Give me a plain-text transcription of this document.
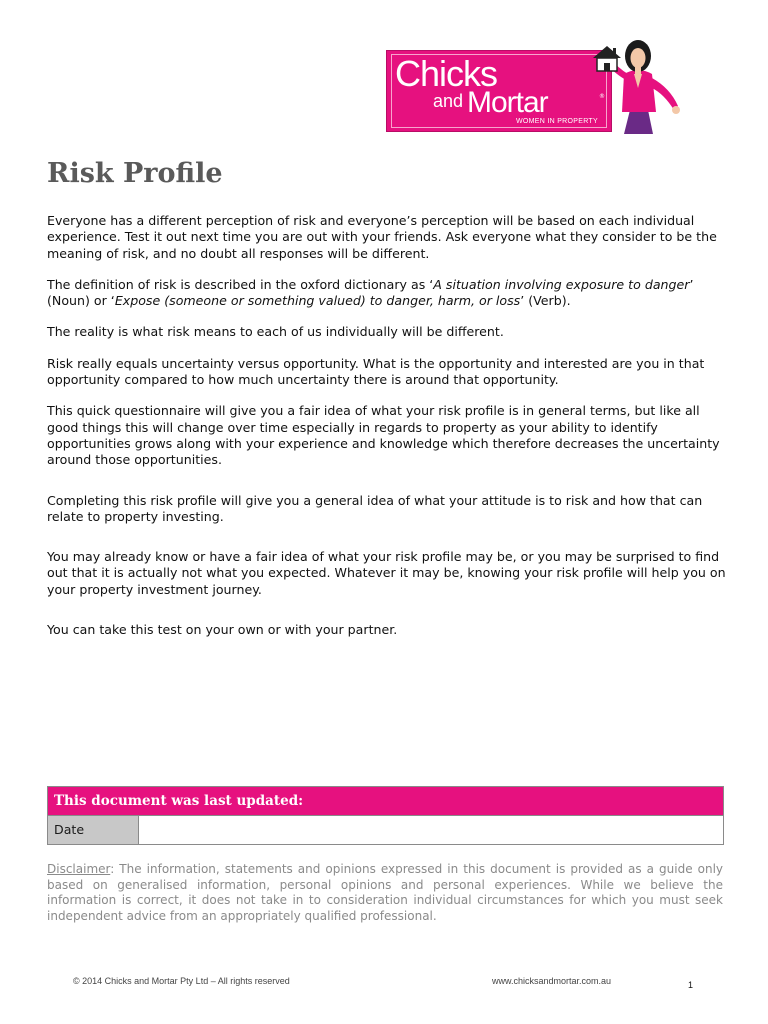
Chicks
and Mortar	®
WOMEN IN PROPERTY
Risk Profile

Everyone has a different perception of risk and everyone’s perception will be based on each individual experience. Test it out next time you are out with your friends. Ask everyone what they consider to be the meaning of risk, and no doubt all responses will be different.

The definition of risk is described in the oxford dictionary as ‘A situation involving exposure to danger’ (Noun) or ‘Expose (someone or something valued) to danger, harm, or loss’ (Verb).

The reality is what risk means to each of us individually will be different.

Risk really equals uncertainty versus opportunity. What is the opportunity and interested are you in that opportunity compared to how much uncertainty there is around that opportunity.

This quick questionnaire will give you a fair idea of what your risk profile is in general terms, but like all good things this will change over time especially in regards to property as your ability to identify opportunities grows along with your experience and knowledge which therefore decreases the uncertainty around those opportunities.

Completing this risk profile will give you a general idea of what your attitude is to risk and how that can relate to property investing.

You may already know or have a fair idea of what your risk profile may be, or you may be surprised to find out that it is actually not what you expected. Whatever it may be, knowing your risk profile will help you on your property investment journey.

You can take this test on your own or with your partner.

This document was last updated:
Date

Disclaimer: The information, statements and opinions expressed in this document is provided as a guide only based on generalised information, personal opinions and personal experiences. While we believe the information is correct, it does not take in to consideration individual circumstances for which you must seek independent advice from an appropriately qualified professional.

© 2014 Chicks and Mortar Pty Ltd – All rights reserved	www.chicksandmortar.com.au	1
